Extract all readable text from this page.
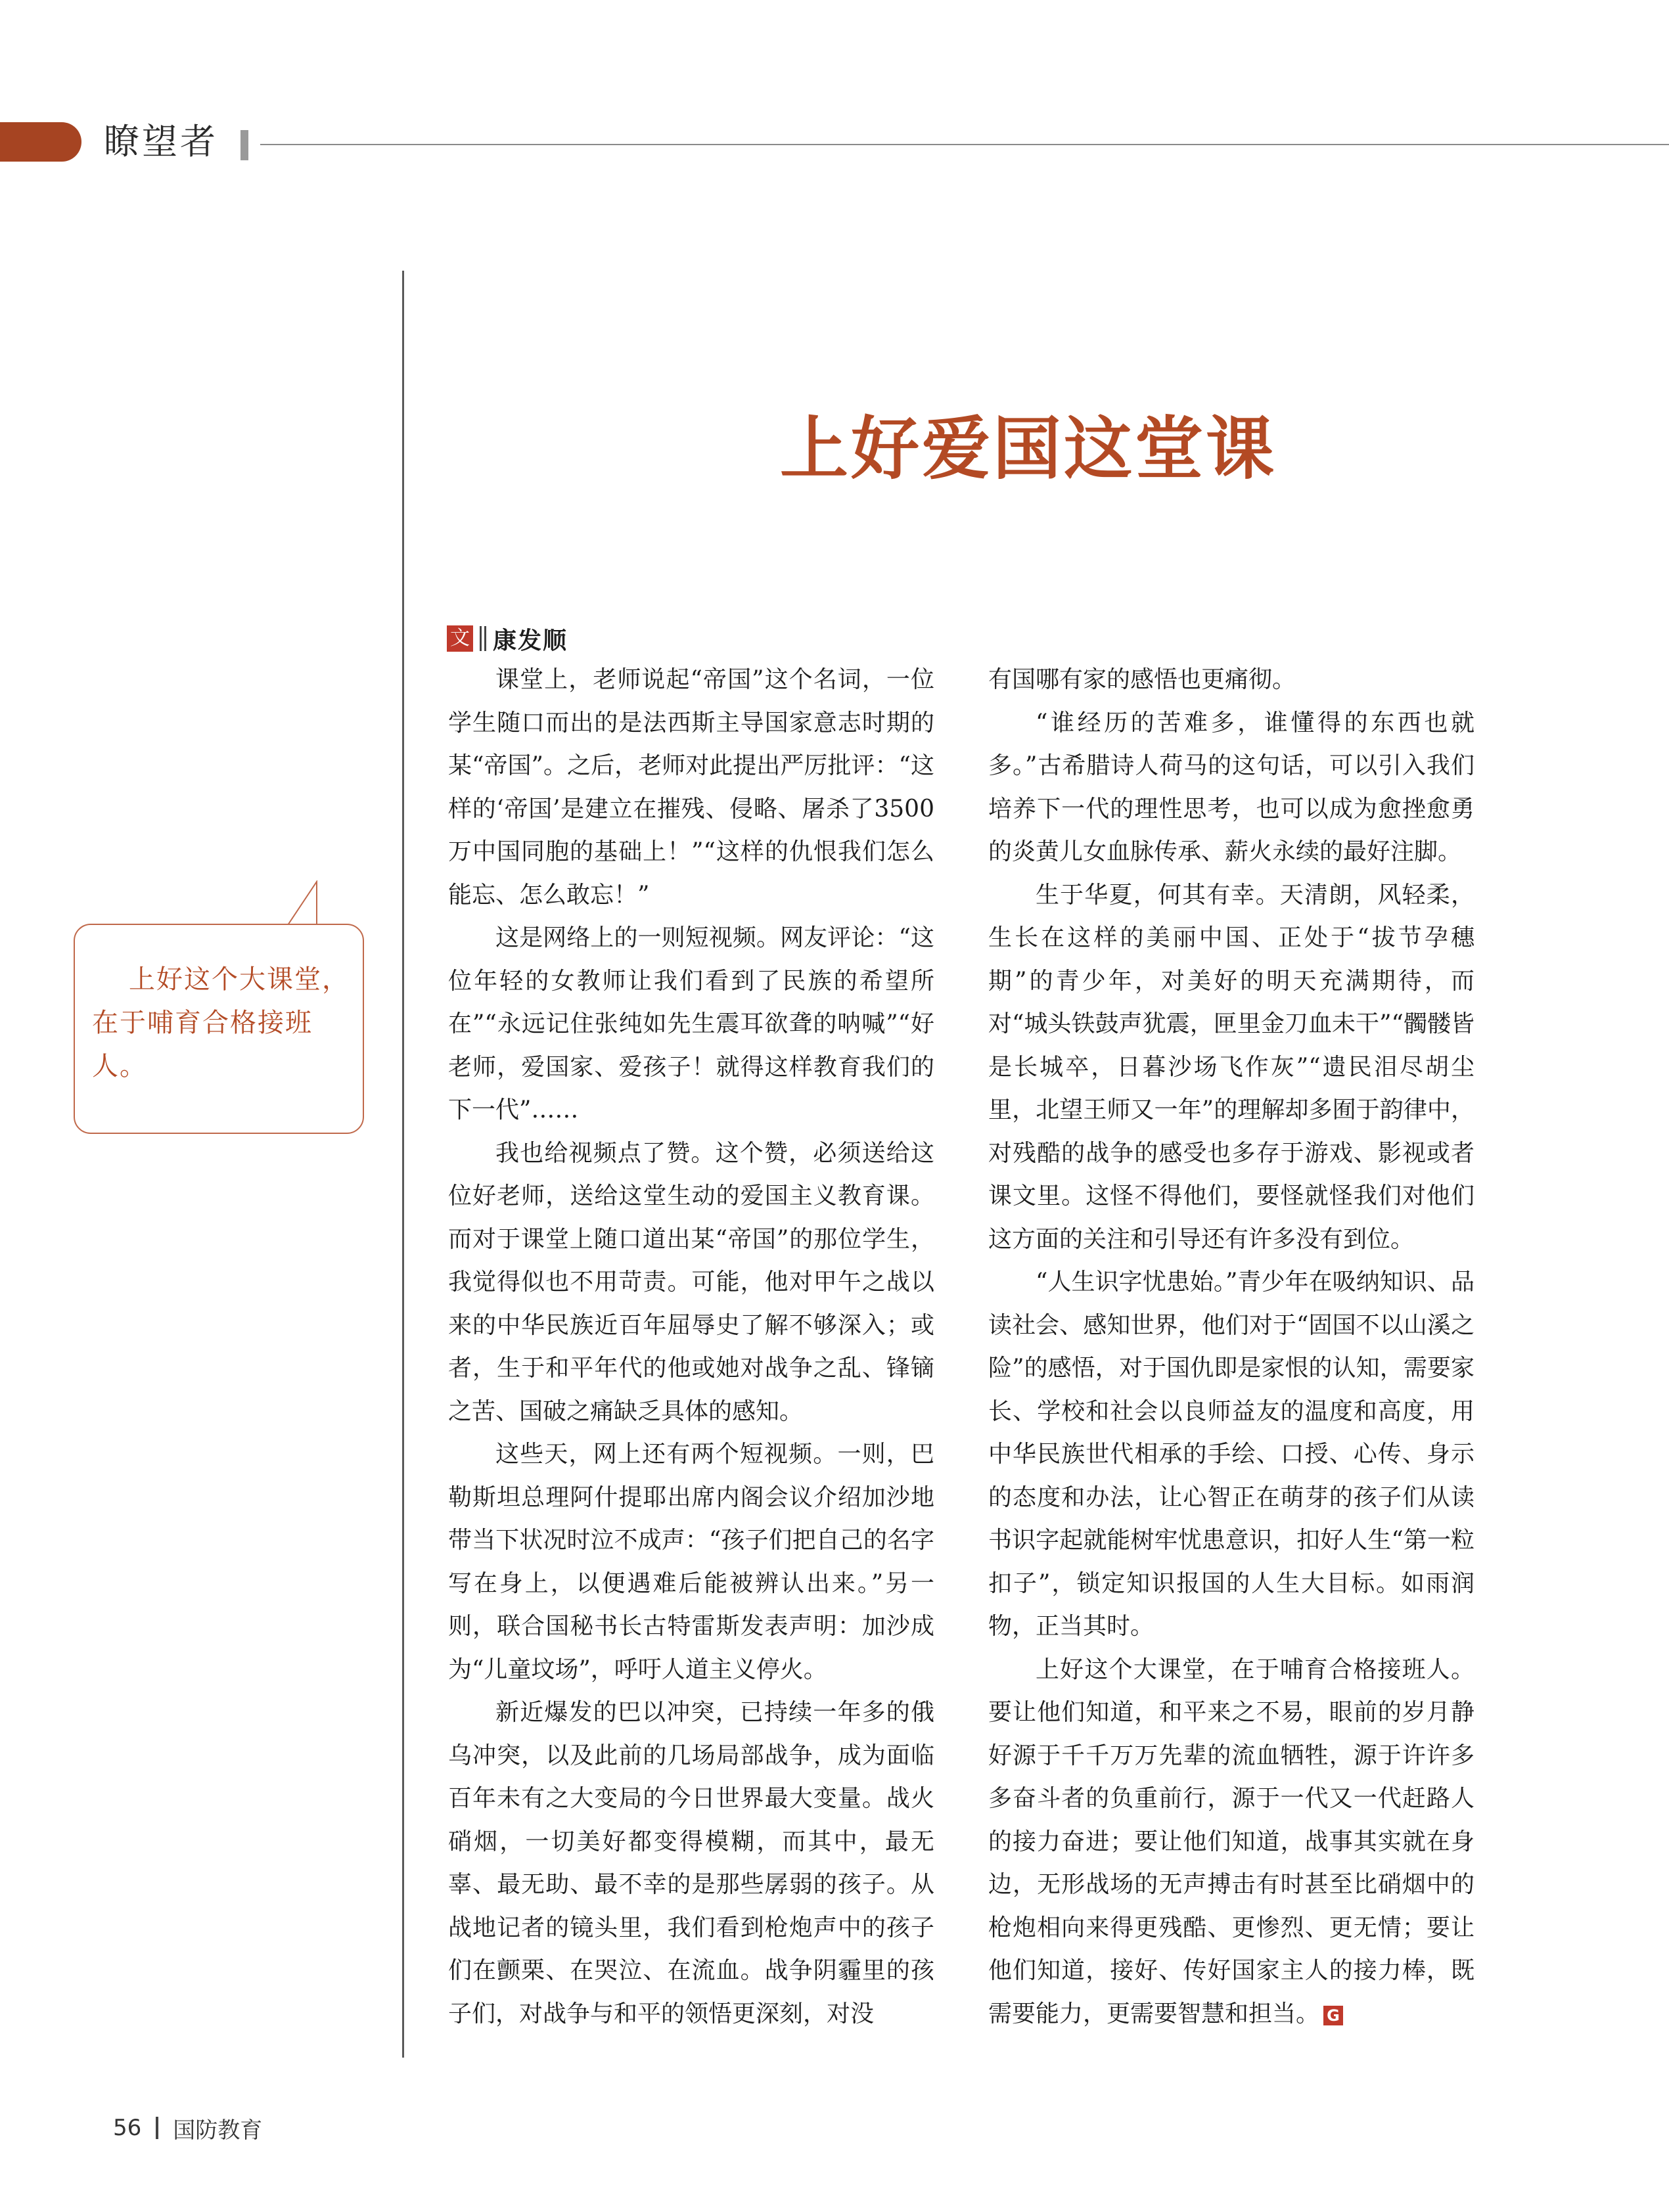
瞭望者
上好爱国这堂课
上好这个大课堂，在于哺育合格接班人。
文 康发顺

课堂上，老师说起“帝国”这个名词，一位学生随口而出的是法西斯主导国家意志时期的某“帝国”。之后，老师对此提出严厉批评：“这样的‘帝国’是建立在摧残、侵略、屠杀了3500万中国同胞的基础上！”“这样的仇恨我们怎么能忘、怎么敢忘！”

这是网络上的一则短视频。网友评论：“这位年轻的女教师让我们看到了民族的希望所在”“永远记住张纯如先生震耳欲聋的呐喊”“好老师，爱国家、爱孩子！就得这样教育我们的下一代”……

我也给视频点了赞。这个赞，必须送给这位好老师，送给这堂生动的爱国主义教育课。而对于课堂上随口道出某“帝国”的那位学生，我觉得似也不用苛责。可能，他对甲午之战以来的中华民族近百年屈辱史了解不够深入；或者，生于和平年代的他或她对战争之乱、锋镝之苦、国破之痛缺乏具体的感知。

这些天，网上还有两个短视频。一则，巴勒斯坦总理阿什提耶出席内阁会议介绍加沙地带当下状况时泣不成声：“孩子们把自己的名字写在身上，以便遇难后能被辨认出来。”另一则，联合国秘书长古特雷斯发表声明：加沙成为“儿童坟场”，呼吁人道主义停火。

新近爆发的巴以冲突，已持续一年多的俄乌冲突，以及此前的几场局部战争，成为面临百年未有之大变局的今日世界最大变量。战火硝烟，一切美好都变得模糊，而其中，最无辜、最无助、最不幸的是那些孱弱的孩子。从战地记者的镜头里，我们看到枪炮声中的孩子们在颤栗、在哭泣、在流血。战争阴霾里的孩子们，对战争与和平的领悟更深刻，对没

有国哪有家的感悟也更痛彻。

“谁经历的苦难多，谁懂得的东西也就多。”古希腊诗人荷马的这句话，可以引入我们培养下一代的理性思考，也可以成为愈挫愈勇的炎黄儿女血脉传承、薪火永续的最好注脚。

生于华夏，何其有幸。天清朗，风轻柔，生长在这样的美丽中国、正处于“拔节孕穗期”的青少年，对美好的明天充满期待，而对“城头铁鼓声犹震，匣里金刀血未干”“髑髅皆是长城卒，日暮沙场飞作灰”“遗民泪尽胡尘里，北望王师又一年”的理解却多囿于韵律中，对残酷的战争的感受也多存于游戏、影视或者课文里。这怪不得他们，要怪就怪我们对他们这方面的关注和引导还有许多没有到位。

“人生识字忧患始。”青少年在吸纳知识、品读社会、感知世界，他们对于“固国不以山溪之险”的感悟，对于国仇即是家恨的认知，需要家长、学校和社会以良师益友的温度和高度，用中华民族世代相承的手绘、口授、心传、身示的态度和办法，让心智正在萌芽的孩子们从读书识字起就能树牢忧患意识，扣好人生“第一粒扣子”，锁定知识报国的人生大目标。如雨润物，正当其时。

上好这个大课堂，在于哺育合格接班人。要让他们知道，和平来之不易，眼前的岁月静好源于千千万万先辈的流血牺牲，源于许许多多奋斗者的负重前行，源于一代又一代赶路人的接力奋进；要让他们知道，战事其实就在身边，无形战场的无声搏击有时甚至比硝烟中的枪炮相向来得更残酷、更惨烈、更无情；要让他们知道，接好、传好国家主人的接力棒，既需要能力，更需要智慧和担当。 G

56 国防教育
